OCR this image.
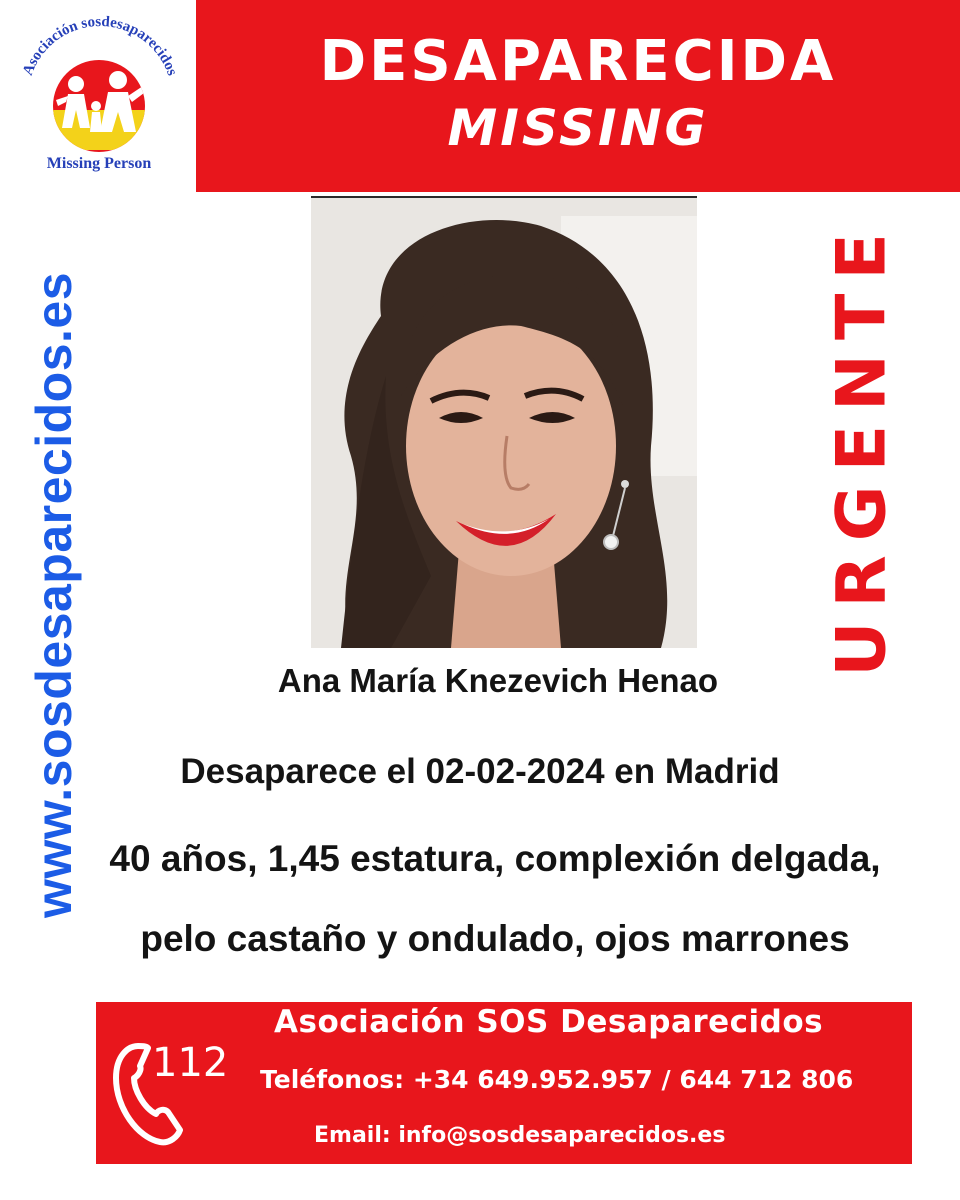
Asociación sosdesaparecidos
Missing Person
DESAPARECIDA
MISSING
www.sosdesaparecidos.es	URGENTE
Ana María Knezevich Henao
Desaparece el 02-02-2024 en Madrid
40 años, 1,45 estatura, complexión delgada,
pelo castaño y ondulado, ojos marrones
112
Asociación SOS Desaparecidos
Teléfonos: +34 649.952.957 / 644 712 806
Email: info@sosdesaparecidos.es
